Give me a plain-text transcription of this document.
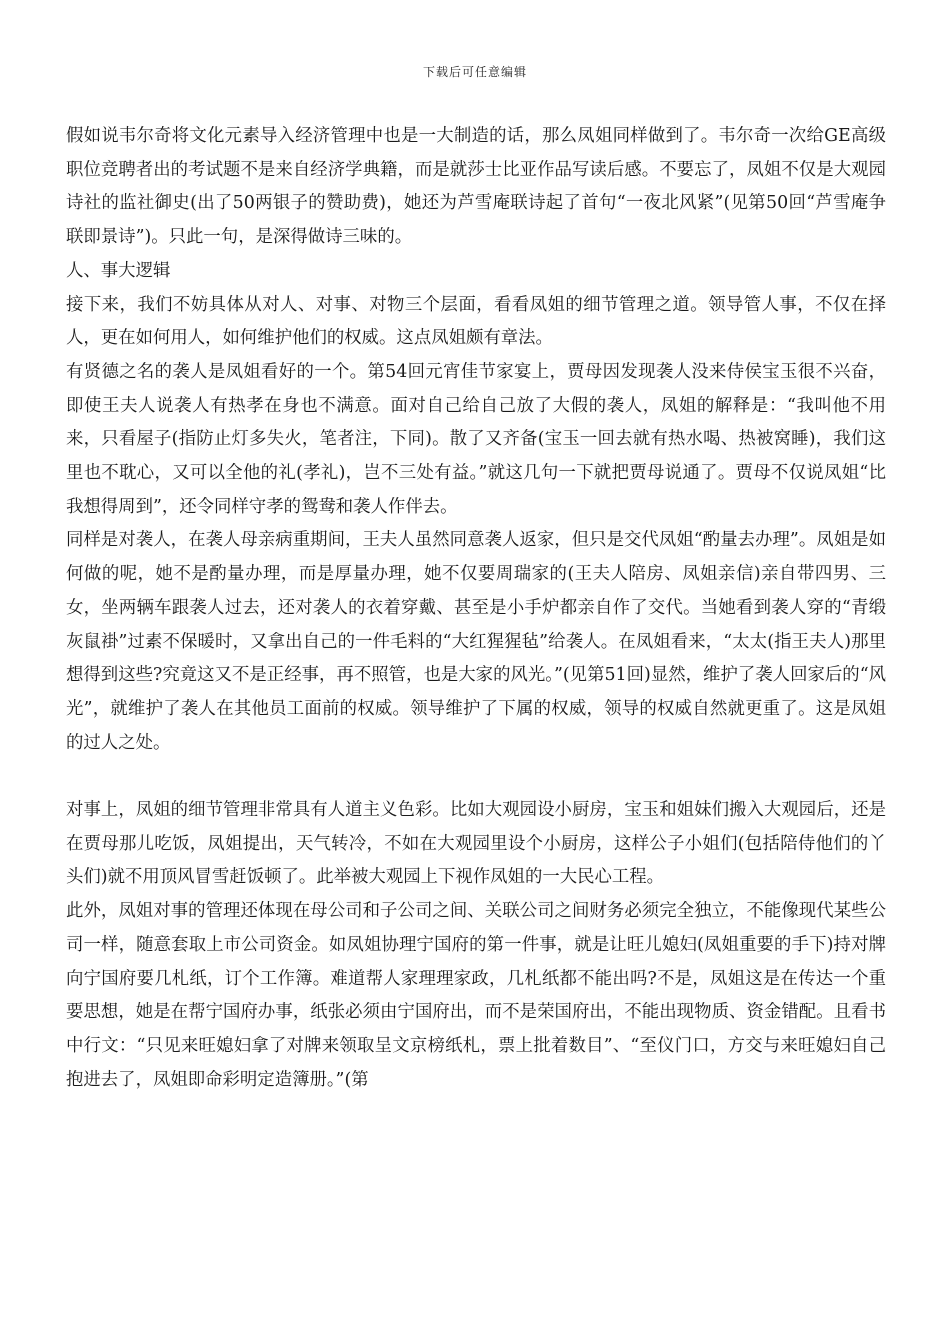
下载后可任意编辑

假如说韦尔奇将文化元素导入经济管理中也是一大制造的话，那么凤姐同样做到了。韦尔奇一次给GE高级职位竞聘者出的考试题不是来自经济学典籍，而是就莎士比亚作品写读后感。不要忘了，凤姐不仅是大观园诗社的监社御史(出了50两银子的赞助费)，她还为芦雪庵联诗起了首句“一夜北风紧”(见第50回“芦雪庵争联即景诗”)。只此一句，是深得做诗三味的。

人、事大逻辑

接下来，我们不妨具体从对人、对事、对物三个层面，看看凤姐的细节管理之道。领导管人事，不仅在择人，更在如何用人，如何维护他们的权威。这点凤姐颇有章法。

有贤德之名的袭人是凤姐看好的一个。第54回元宵佳节家宴上，贾母因发现袭人没来侍侯宝玉很不兴奋，即使王夫人说袭人有热孝在身也不满意。面对自己给自己放了大假的袭人，凤姐的解释是：“我叫他不用来，只看屋子(指防止灯多失火，笔者注，下同)。散了又齐备(宝玉一回去就有热水喝、热被窝睡)，我们这里也不耽心，又可以全他的礼(孝礼)，岂不三处有益。”就这几句一下就把贾母说通了。贾母不仅说凤姐“比我想得周到”，还令同样守孝的鸳鸯和袭人作伴去。

同样是对袭人，在袭人母亲病重期间，王夫人虽然同意袭人返家，但只是交代凤姐“酌量去办理”。凤姐是如何做的呢，她不是酌量办理，而是厚量办理，她不仅要周瑞家的(王夫人陪房、凤姐亲信)亲自带四男、三女，坐两辆车跟袭人过去，还对袭人的衣着穿戴、甚至是小手炉都亲自作了交代。当她看到袭人穿的“青缎灰鼠褂”过素不保暖时，又拿出自己的一件毛料的“大红猩猩毡”给袭人。在凤姐看来，“太太(指王夫人)那里想得到这些?究竟这又不是正经事，再不照管，也是大家的风光。”(见第51回)显然，维护了袭人回家后的“风光”，就维护了袭人在其他员工面前的权威。领导维护了下属的权威，领导的权威自然就更重了。这是凤姐的过人之处。

对事上，凤姐的细节管理非常具有人道主义色彩。比如大观园设小厨房，宝玉和姐妹们搬入大观园后，还是在贾母那儿吃饭，凤姐提出，天气转冷，不如在大观园里设个小厨房，这样公子小姐们(包括陪侍他们的丫头们)就不用顶风冒雪赶饭顿了。此举被大观园上下视作凤姐的一大民心工程。

此外，凤姐对事的管理还体现在母公司和子公司之间、关联公司之间财务必须完全独立，不能像现代某些公司一样，随意套取上市公司资金。如凤姐协理宁国府的第一件事，就是让旺儿媳妇(凤姐重要的手下)持对牌向宁国府要几札纸，订个工作簿。难道帮人家理理家政，几札纸都不能出吗?不是，凤姐这是在传达一个重要思想，她是在帮宁国府办事，纸张必须由宁国府出，而不是荣国府出，不能出现物质、资金错配。且看书中行文：“只见来旺媳妇拿了对牌来领取呈文京榜纸札，票上批着数目”、“至仪门口，方交与来旺媳妇自己抱进去了，凤姐即命彩明定造簿册。”(第
